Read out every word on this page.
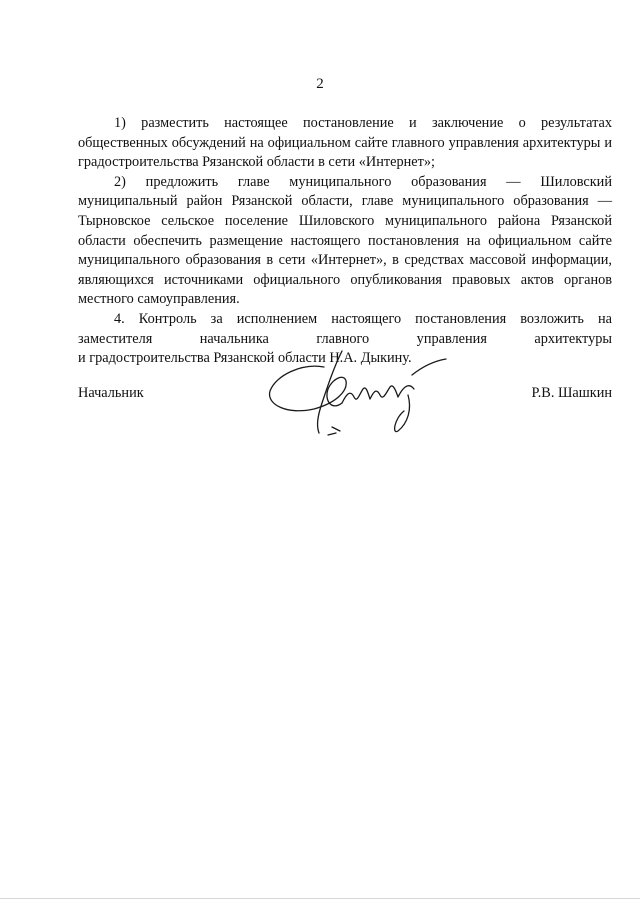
2

1) разместить настоящее постановление и заключение о результатах общественных обсуждений на официальном сайте главного управления архитектуры и градостроительства Рязанской области в сети «Интернет»;

2) предложить главе муниципального образования — Шиловский муниципальный район Рязанской области, главе муниципального образования — Тырновское сельское поселение Шиловского муниципального района Рязанской области обеспечить размещение настоящего постановления на официальном сайте муниципального образования в сети «Интернет», в средствах массовой информации, являющихся источниками официального опубликования правовых актов органов местного самоуправления.

4. Контроль за исполнением настоящего постановления возложить на заместителя начальника главного управления архитектуры

и градостроительства Рязанской области Н.А. Дыкину.

Начальник	Р.В. Шашкин
